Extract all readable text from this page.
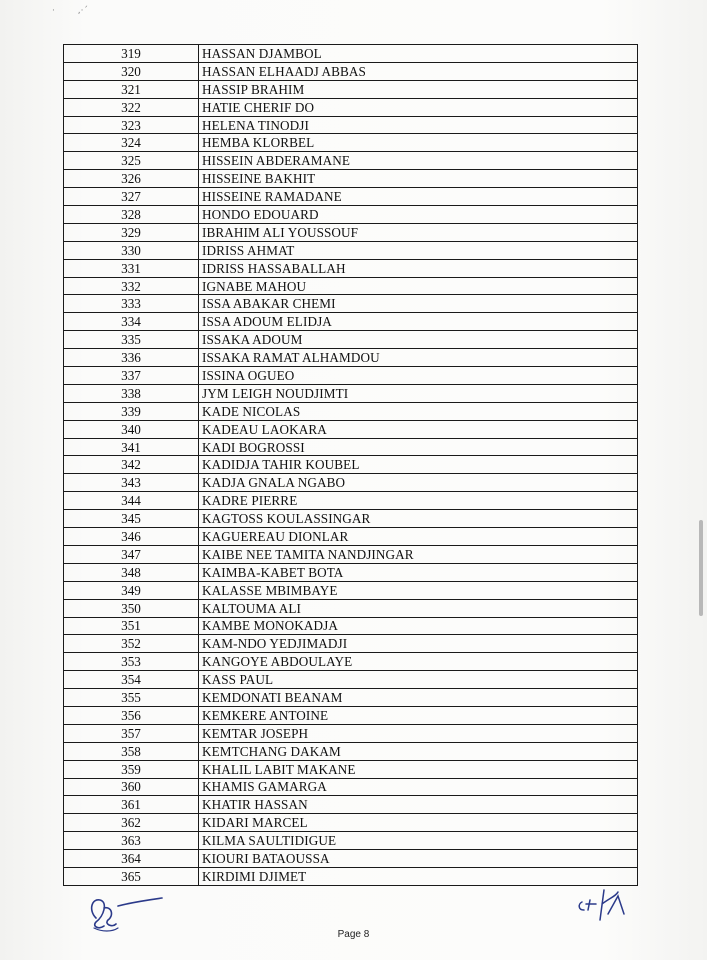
·        ,·´
319	HASSAN DJAMBOL
320	HASSAN ELHAADJ ABBAS
321	HASSIP BRAHIM
322	HATIE CHERIF DO
323	HELENA TINODJI
324	HEMBA KLORBEL
325	HISSEIN ABDERAMANE
326	HISSEINE BAKHIT
327	HISSEINE RAMADANE
328	HONDO EDOUARD
329	IBRAHIM ALI YOUSSOUF
330	IDRISS AHMAT
331	IDRISS HASSABALLAH
332	IGNABE MAHOU
333	ISSA ABAKAR CHEMI
334	ISSA ADOUM ELIDJA
335	ISSAKA ADOUM
336	ISSAKA RAMAT ALHAMDOU
337	ISSINA OGUEO
338	JYM LEIGH NOUDJIMTI
339	KADE NICOLAS
340	KADEAU LAOKARA
341	KADI BOGROSSI
342	KADIDJA TAHIR KOUBEL
343	KADJA GNALA NGABO
344	KADRE PIERRE
345	KAGTOSS KOULASSINGAR
346	KAGUEREAU DIONLAR
347	KAIBE NEE TAMITA NANDJINGAR
348	KAIMBA-KABET BOTA
349	KALASSE MBIMBAYE
350	KALTOUMA ALI
351	KAMBE MONOKADJA
352	KAM-NDO YEDJIMADJI
353	KANGOYE ABDOULAYE
354	KASS PAUL
355	KEMDONATI BEANAM
356	KEMKERE ANTOINE
357	KEMTAR JOSEPH
358	KEMTCHANG DAKAM
359	KHALIL LABIT MAKANE
360	KHAMIS GAMARGA
361	KHATIR HASSAN
362	KIDARI MARCEL
363	KILMA SAULTIDIGUE
364	KIOURI BATAOUSSA
365	KIRDIMI DJIMET
Page 8
